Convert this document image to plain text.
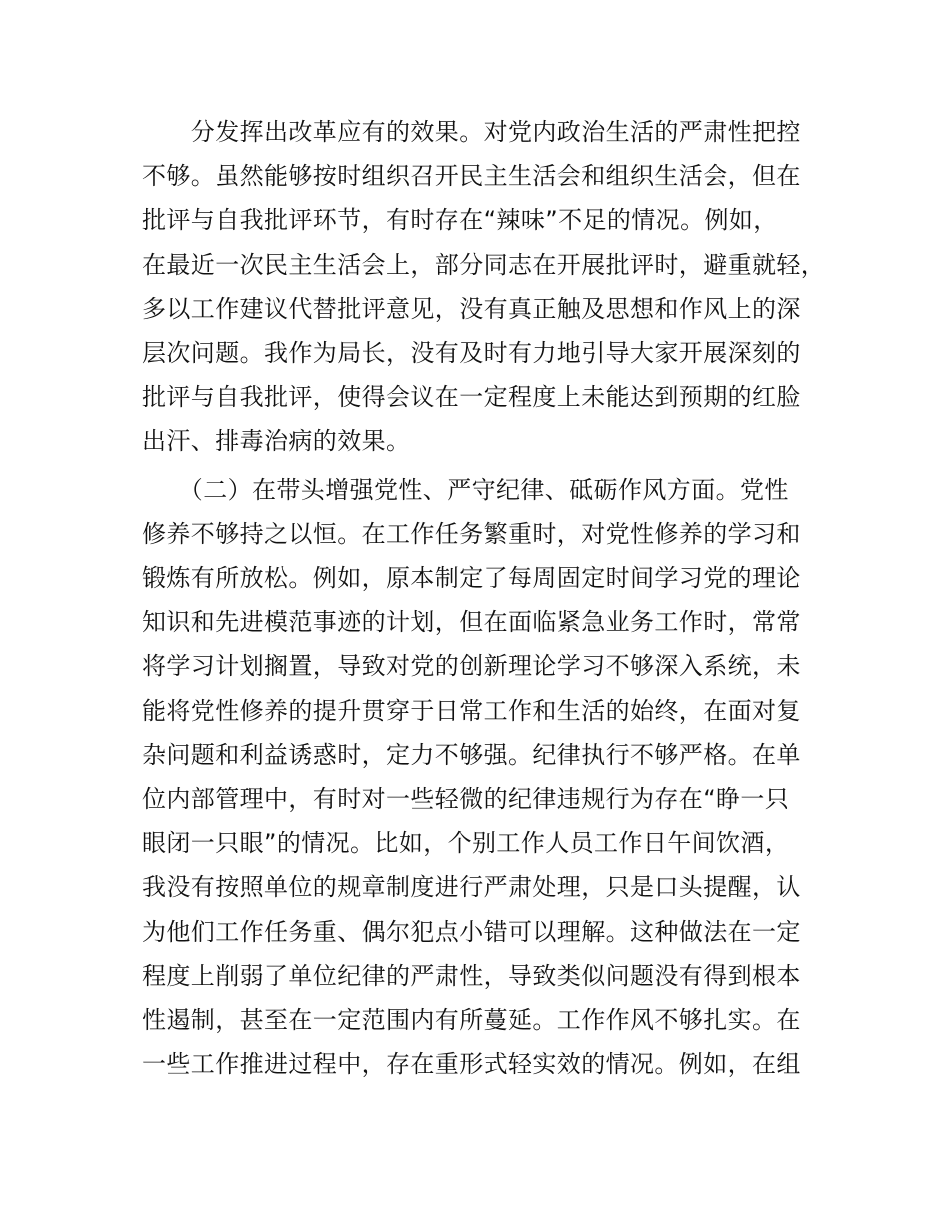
　　分发挥出改革应有的效果。对党内政治生活的严肃性把控
不够。虽然能够按时组织召开民主生活会和组织生活会，但在
批评与自我批评环节，有时存在“辣味”不足的情况。例如，
在最近一次民主生活会上，部分同志在开展批评时，避重就轻，
多以工作建议代替批评意见，没有真正触及思想和作风上的深
层次问题。我作为局长，没有及时有力地引导大家开展深刻的
批评与自我批评，使得会议在一定程度上未能达到预期的红脸
出汗、排毒治病的效果。
　　（二）在带头增强党性、严守纪律、砥砺作风方面。党性
修养不够持之以恒。在工作任务繁重时，对党性修养的学习和
锻炼有所放松。例如，原本制定了每周固定时间学习党的理论
知识和先进模范事迹的计划，但在面临紧急业务工作时，常常
将学习计划搁置，导致对党的创新理论学习不够深入系统，未
能将党性修养的提升贯穿于日常工作和生活的始终，在面对复
杂问题和利益诱惑时，定力不够强。纪律执行不够严格。在单
位内部管理中，有时对一些轻微的纪律违规行为存在“睁一只
眼闭一只眼”的情况。比如，个别工作人员工作日午间饮酒，
我没有按照单位的规章制度进行严肃处理，只是口头提醒，认
为他们工作任务重、偶尔犯点小错可以理解。这种做法在一定
程度上削弱了单位纪律的严肃性，导致类似问题没有得到根本
性遏制，甚至在一定范围内有所蔓延。工作作风不够扎实。在
一些工作推进过程中，存在重形式轻实效的情况。例如，在组
